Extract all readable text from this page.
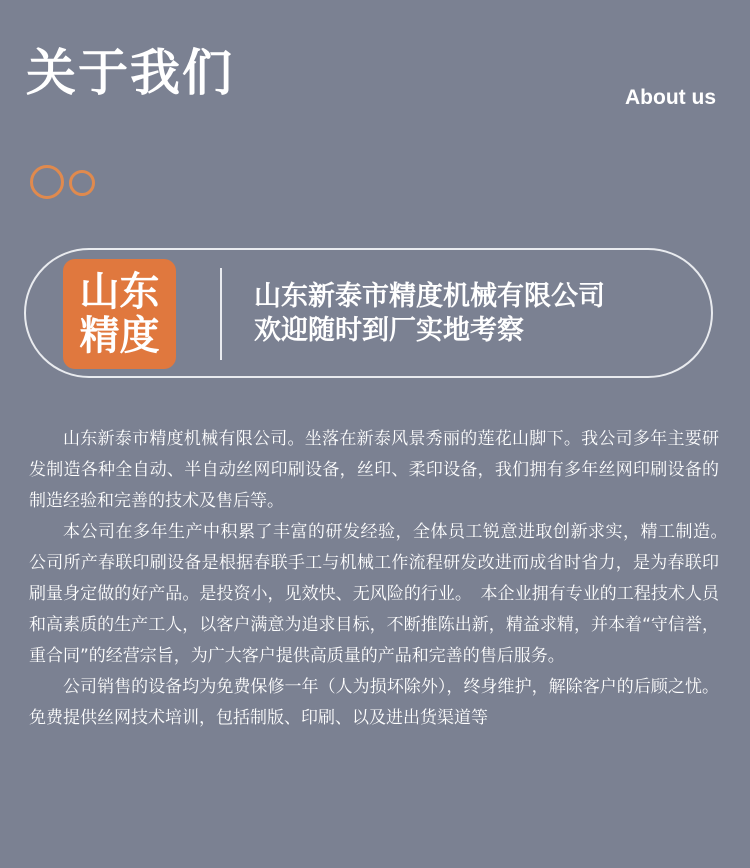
关于我们	About us
山东
精度
山东新泰市精度机械有限公司
欢迎随时到厂实地考察

山东新泰市精度机械有限公司。坐落在新泰风景秀丽的莲花山脚下。我公司多年主要研发制造各种全自动、半自动丝网印刷设备，丝印、柔印设备，我们拥有多年丝网印刷设备的制造经验和完善的技术及售后等。

本公司在多年生产中积累了丰富的研发经验，全体员工锐意进取创新求实，精工制造。　公司所产春联印刷设备是根据春联手工与机械工作流程研发改进而成省时省力，是为春联印刷量身定做的好产品。是投资小，见效快、无风险的行业。　本企业拥有专业的工程技术人员和高素质的生产工人，以客户满意为追求目标，不断推陈出新，精益求精，并本着“守信誉，重合同”的经营宗旨，为广大客户提供高质量的产品和完善的售后服务。

公司销售的设备均为免费保修一年（人为损坏除外），终身维护，解除客户的后顾之忧。免费提供丝网技术培训，包括制版、印刷、以及进出货渠道等
